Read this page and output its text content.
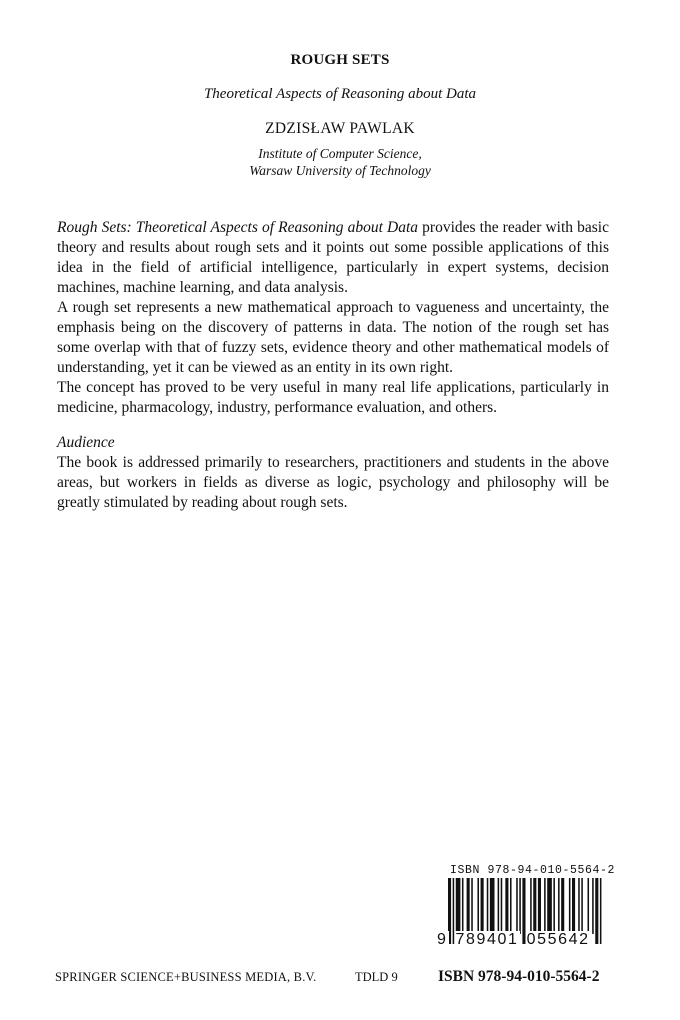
ROUGH SETS
Theoretical Aspects of Reasoning about Data
ZDZISŁAW PAWLAK
Institute of Computer Science,
Warsaw University of Technology

Rough Sets: Theoretical Aspects of Reasoning about Data provides the reader with basic theory and results about rough sets and it points out some possible applications of this idea in the field of artificial intelligence, particularly in expert systems, decision machines, machine learning, and data analysis.

A rough set represents a new mathematical approach to vagueness and uncertainty, the emphasis being on the discovery of patterns in data. The notion of the rough set has some overlap with that of fuzzy sets, evidence theory and other mathematical models of understanding, yet it can be viewed as an entity in its own right.

The concept has proved to be very useful in many real life applications, particularly in medicine, pharmacology, industry, performance evaluation, and others.

Audience

The book is addressed primarily to researchers, practitioners and students in the above areas, but workers in fields as diverse as logic, psychology and philosophy will be greatly stimulated by reading about rough sets.

ISBN 978-94-010-5564-2
9 789401 055642
SPRINGER SCIENCE+BUSINESS MEDIA, B.V.	TDLD 9	ISBN 978-94-010-5564-2
